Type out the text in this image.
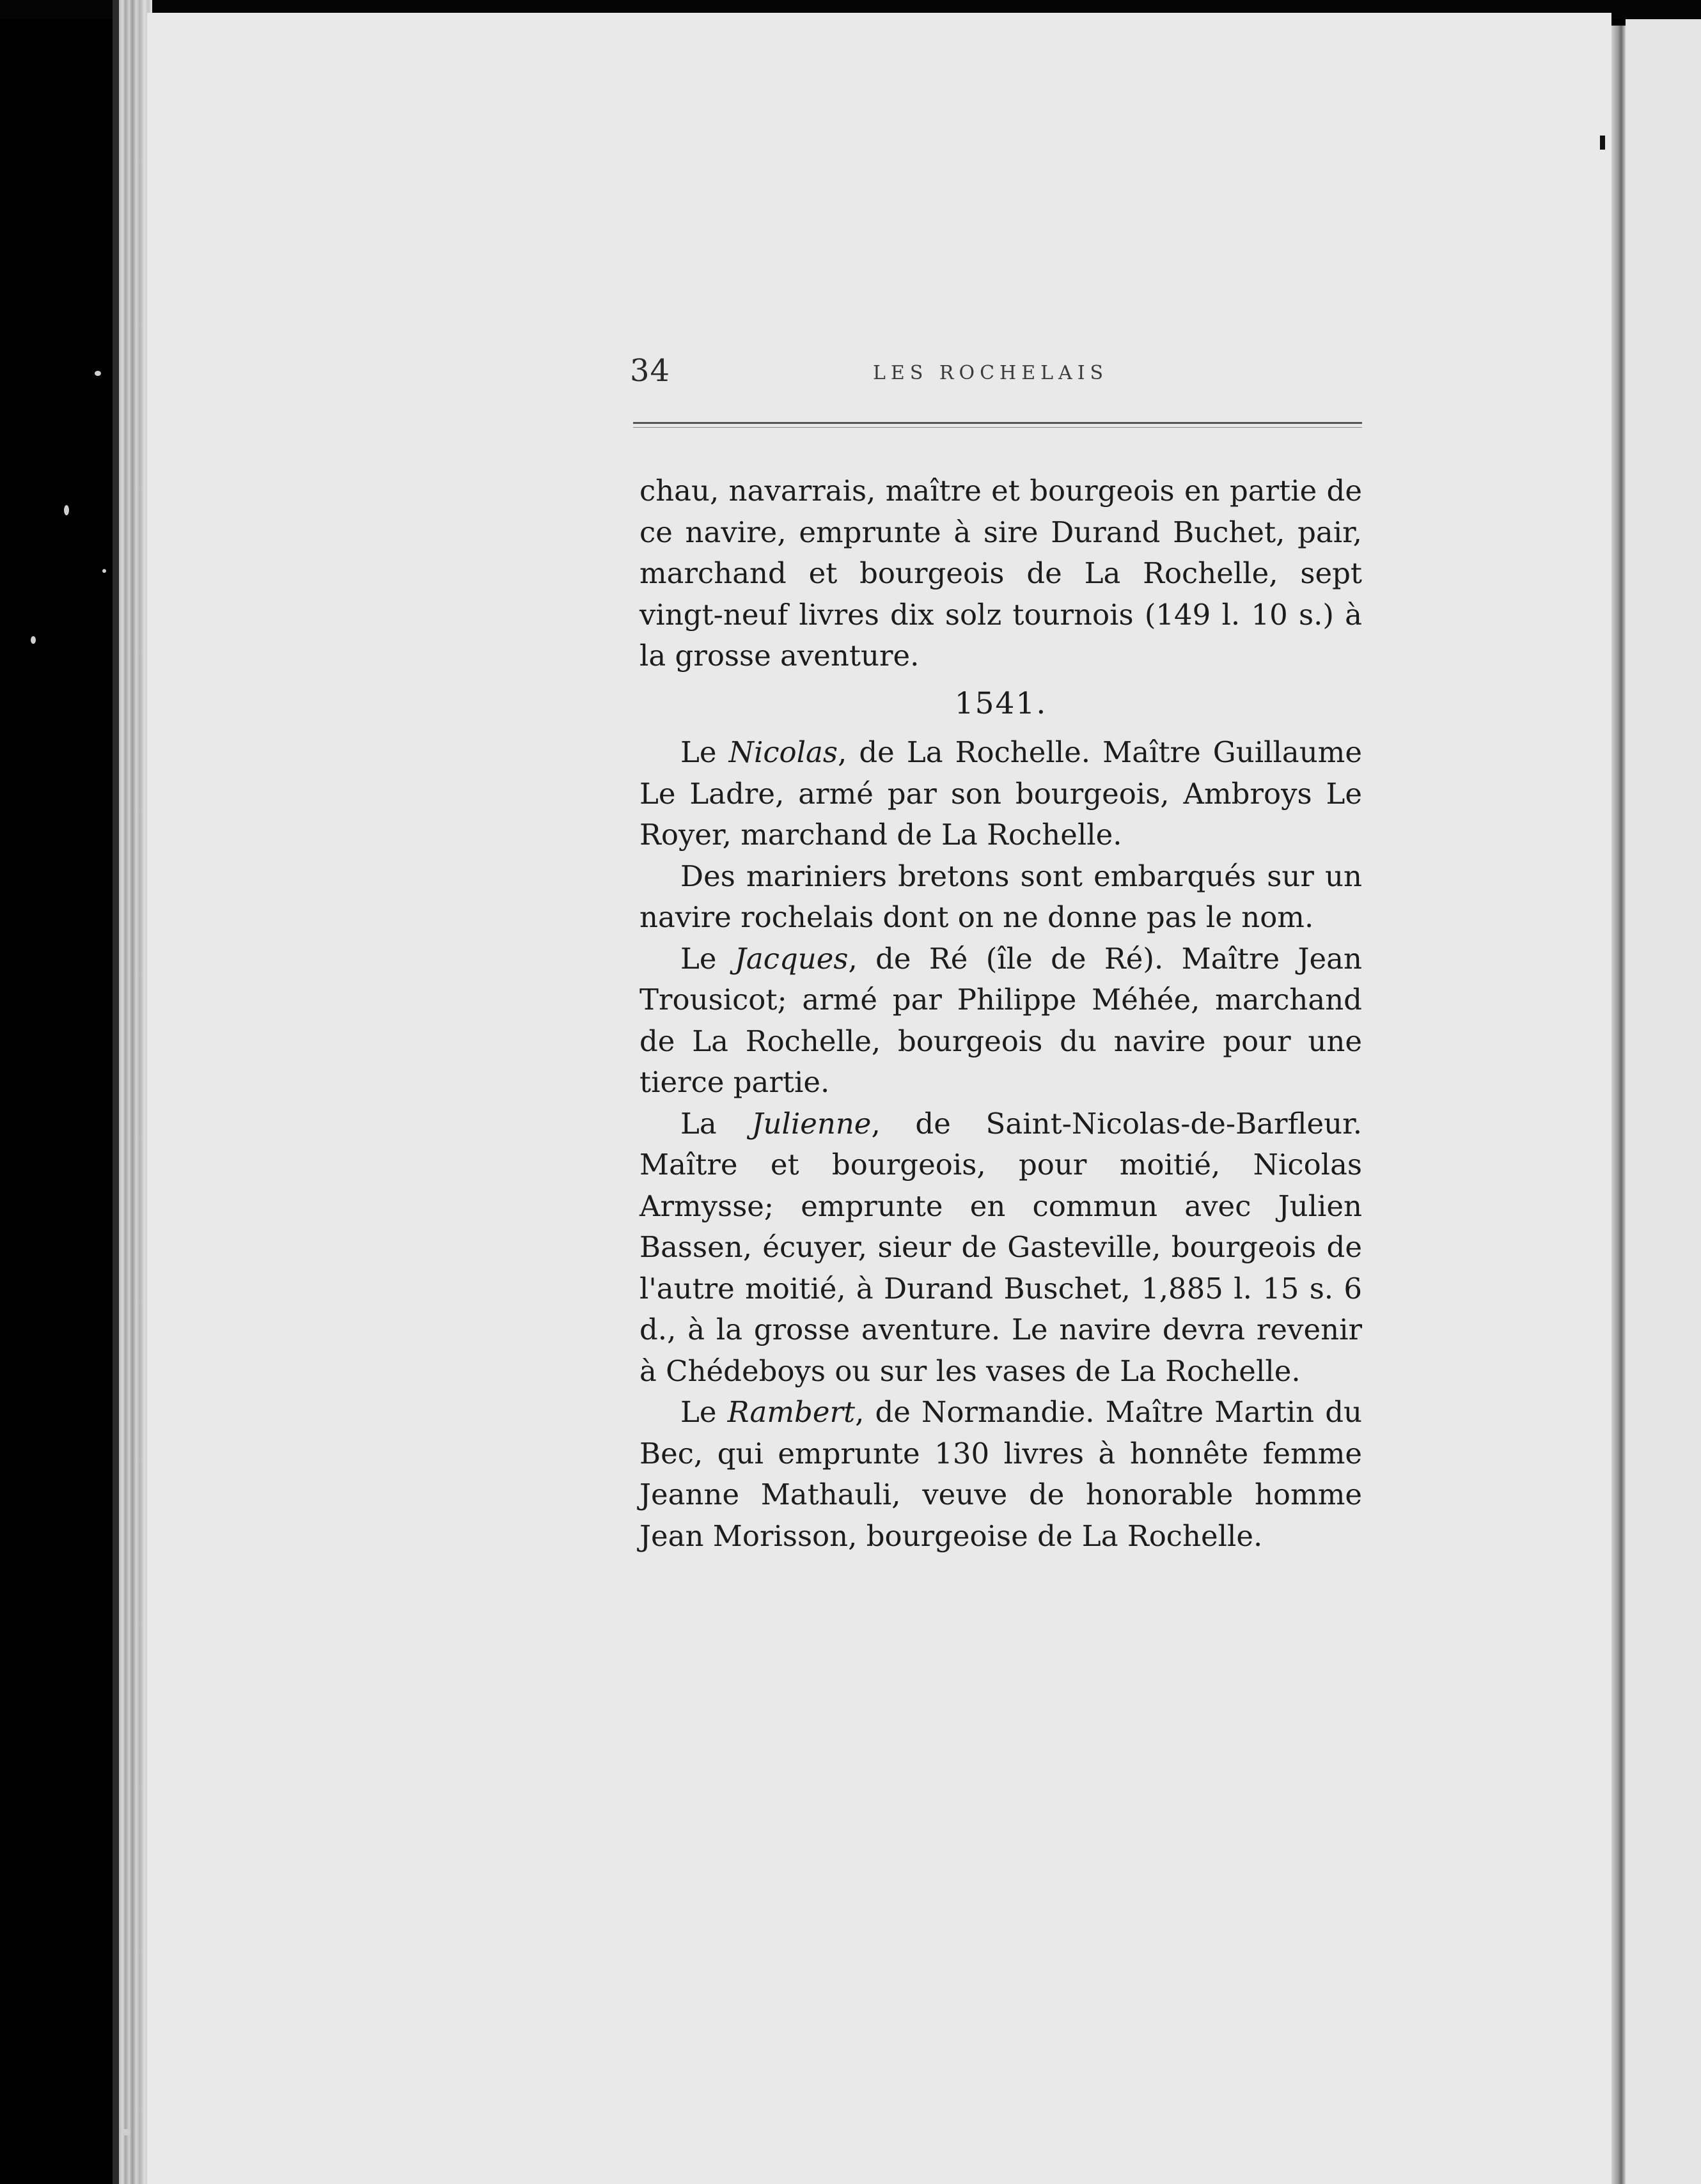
34	LES ROCHELAIS

chau, navarrais, maître et bourgeois en partie de ce navire, emprunte à sire Durand Buchet, pair, marchand et bourgeois de La Rochelle, sept vingt-neuf livres dix solz tournois (149 l. 10 s.) à la grosse aventure.

1541.

Le Nicolas, de La Rochelle. Maître Guillaume Le Ladre, armé par son bourgeois, Ambroys Le Royer, marchand de La Rochelle.

Des mariniers bretons sont embarqués sur un navire rochelais dont on ne donne pas le nom.

Le Jacques, de Ré (île de Ré). Maître Jean Trousicot; armé par Philippe Méhée, marchand de La Rochelle, bourgeois du navire pour une tierce partie.

La Julienne, de Saint-Nicolas-de-Barfleur. Maître et bourgeois, pour moitié, Nicolas Armysse; emprunte en commun avec Julien Bassen, écuyer, sieur de Gasteville, bourgeois de l'autre moitié, à Durand Buschet, 1,885 l. 15 s. 6 d., à la grosse aventure. Le navire devra revenir à Chédeboys ou sur les vases de La Rochelle.

Le Rambert, de Normandie. Maître Martin du Bec, qui emprunte 130 livres à honnête femme Jeanne Mathauli, veuve de honorable homme Jean Morisson, bourgeoise de La Rochelle.
